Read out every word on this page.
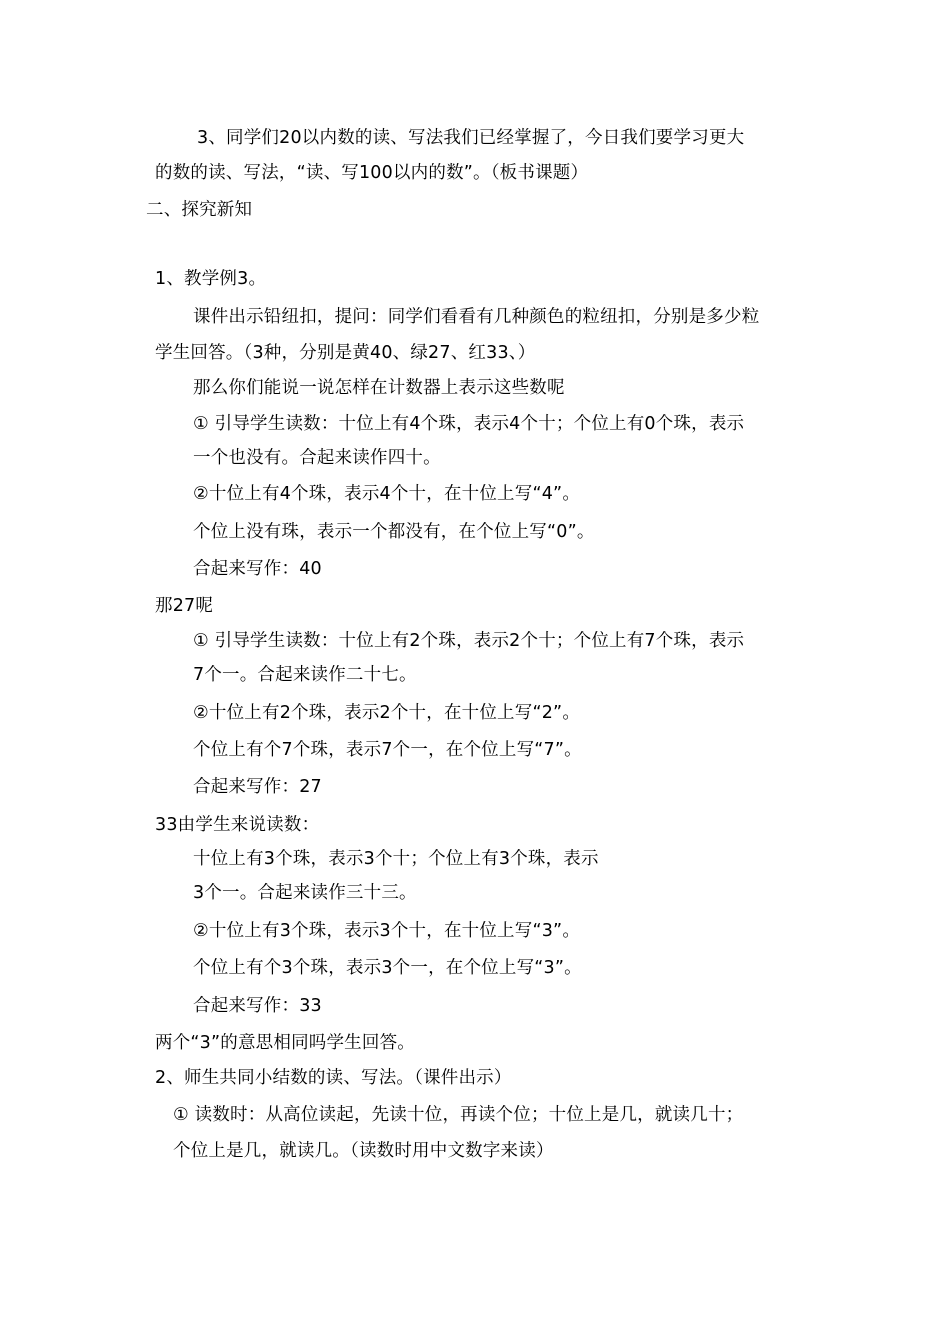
3、同学们20以内数的读、写法我们已经掌握了，今日我们要学习更大
的数的读、写法，“读、写100以内的数”。（板书课题）
二、探究新知
1、教学例3。
课件出示铅纽扣，提问：同学们看看有几种颜色的粒纽扣，分别是多少粒
学生回答。（3种，分别是黄40、绿27、红33、）
那么你们能说一说怎样在计数器上表示这些数呢
① 引导学生读数：十位上有4个珠，表示4个十；个位上有0个珠，表示
一个也没有。合起来读作四十。
②十位上有4个珠，表示4个十，在十位上写“4”。
个位上没有珠，表示一个都没有，在个位上写“0”。
合起来写作：40
那27呢
① 引导学生读数：十位上有2个珠，表示2个十；个位上有7个珠，表示
7个一。合起来读作二十七。
②十位上有2个珠，表示2个十，在十位上写“2”。
个位上有个7个珠，表示7个一，在个位上写“7”。
合起来写作：27
33由学生来说读数：
十位上有3个珠，表示3个十；个位上有3个珠，表示
3个一。合起来读作三十三。
②十位上有3个珠，表示3个十，在十位上写“3”。
个位上有个3个珠，表示3个一，在个位上写“3”。
合起来写作：33
两个“3”的意思相同吗学生回答。
2、师生共同小结数的读、写法。（课件出示）
① 读数时：从高位读起，先读十位，再读个位；十位上是几，就读几十；
个位上是几，就读几。（读数时用中文数字来读）
